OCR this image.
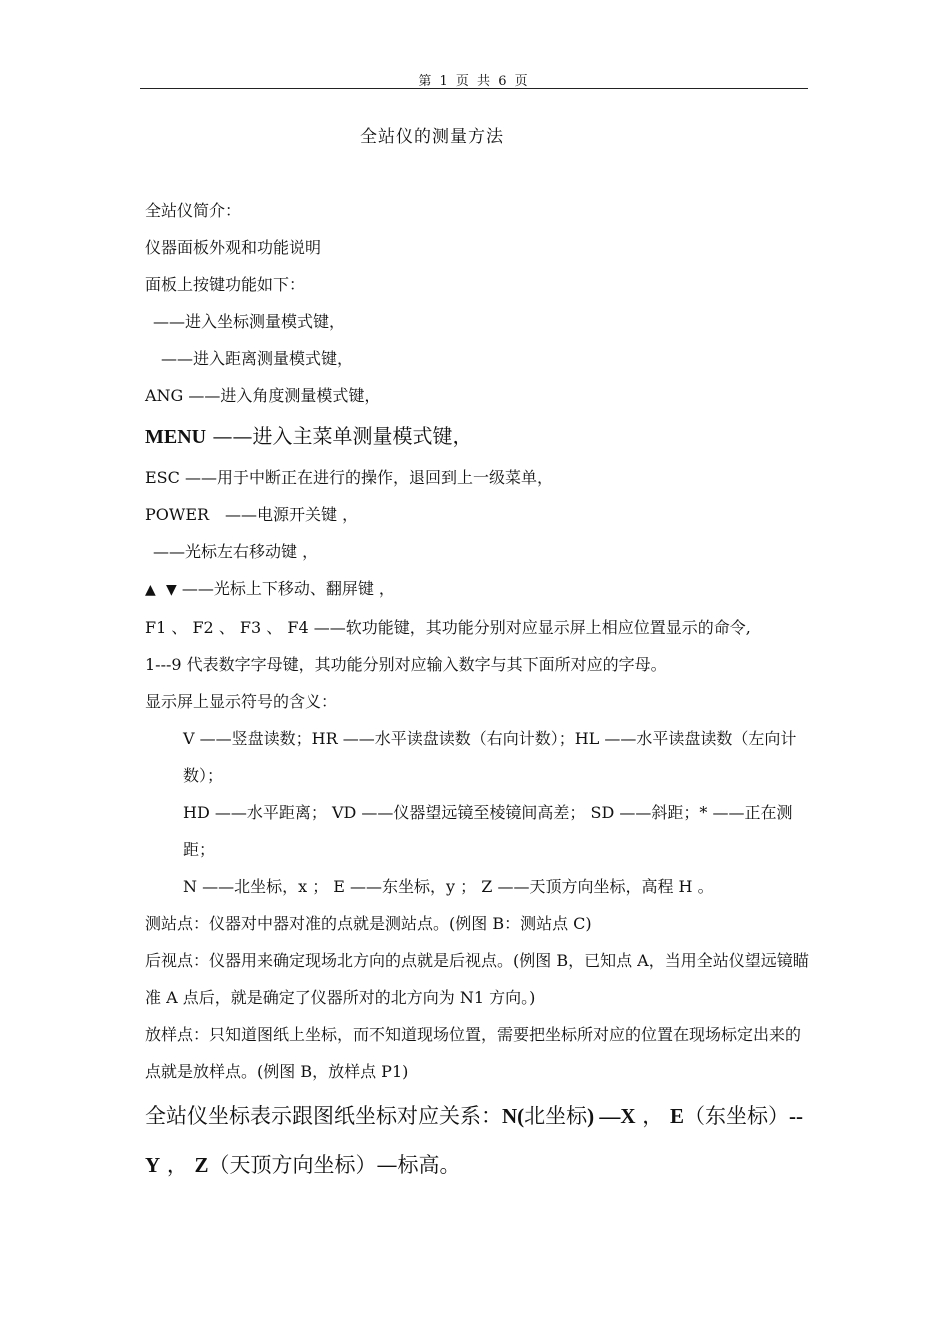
第 1 页 共 6 页
全站仪的测量方法
全站仪简介：
仪器面板外观和功能说明
面板上按键功能如下：
——进入坐标测量模式键，
——进入距离测量模式键，
ANG ——进入角度测量模式键，
MENU ——进入主菜单测量模式键，
ESC ——用于中断正在进行的操作，退回到上一级菜单，
POWER　——电源开关键 ，
——光标左右移动键 ，
▲ ▼ ——光标上下移动、翻屏键 ，
F1 、 F2 、 F3 、 F4 ——软功能键，其功能分别对应显示屏上相应位置显示的命令,
1---9 代表数字字母键，其功能分别对应输入数字与其下面所对应的字母。
显示屏上显示符号的含义：
V ——竖盘读数；HR ——水平读盘读数（右向计数）；HL ——水平读盘读数（左向计数）；
HD ——水平距离； VD ——仪器望远镜至棱镜间高差； SD ——斜距；* ——正在测距；
N ——北坐标，x ； E ——东坐标，y ； Z ——天顶方向坐标，高程 H 。
测站点：仪器对中器对准的点就是测站点。(例图 B：测站点 C)
后视点：仪器用来确定现场北方向的点就是后视点。(例图 B，已知点 A，当用全站仪望远镜瞄准 A 点后，就是确定了仪器所对的北方向为 N1 方向。)
放样点：只知道图纸上坐标，而不知道现场位置，需要把坐标所对应的位置在现场标定出来的点就是放样点。(例图 B，放样点 P1)
全站仪坐标表示跟图纸坐标对应关系：N(北坐标) —X ， E（东坐标）--Y ， Z（天顶方向坐标）—标高。
